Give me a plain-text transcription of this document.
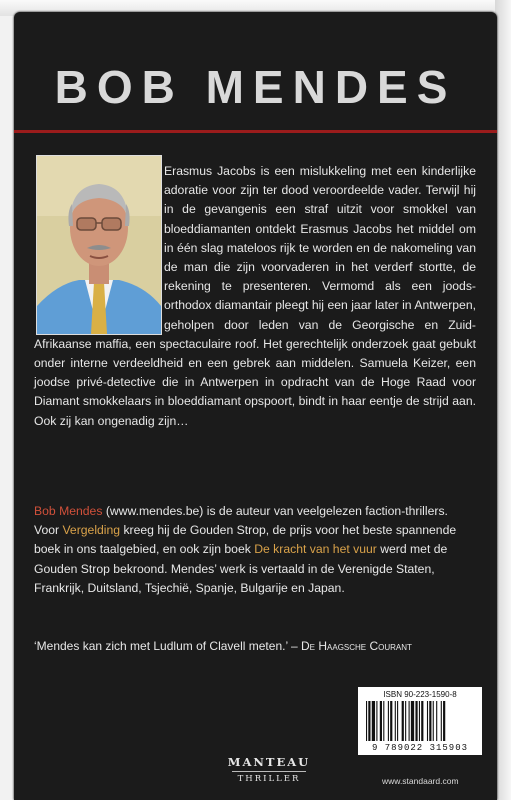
BOB MENDES
Erasmus Jacobs is een mislukkeling met een kinderlijke adoratie voor zijn ter dood veroordeelde vader. Terwijl hij in de gevangenis een straf uitzit voor smokkel van bloeddiamanten ontdekt Erasmus Jacobs het middel om in één slag mateloos rijk te worden en de nakomeling van de man die zijn voorvaderen in het verderf stortte, de rekening te presenteren. Vermomd als een joods-orthodox diamantair pleegt hij een jaar later in Antwerpen, geholpen door leden van de Georgische en Zuid-Afrikaanse maffia, een spectaculaire roof. Het gerechtelijk onderzoek gaat gebukt onder interne verdeeldheid en een gebrek aan middelen. Samuela Keizer, een joodse privé-detective die in Antwerpen in opdracht van de Hoge Raad voor Diamant smokkelaars in bloeddiamant opspoort, bindt in haar eentje de strijd aan. Ook zij kan ongenadig zijn…

Bob Mendes (www.mendes.be) is de auteur van veelgelezen faction-thrillers. Voor Vergelding kreeg hij de Gouden Strop, de prijs voor het beste spannende boek in ons taalgebied, en ook zijn boek De kracht van het vuur werd met de Gouden Strop bekroond. Mendes’ werk is vertaald in de Verenigde Staten, Frankrijk, Duitsland, Tsjechië, Spanje, Bulgarije en Japan.

‘Mendes kan zich met Ludlum of Clavell meten.’ – De Haagsche Courant

ISBN 90-223-1590-8
9 789022 315903
MANTEAU
THRILLER	www.standaard.com
